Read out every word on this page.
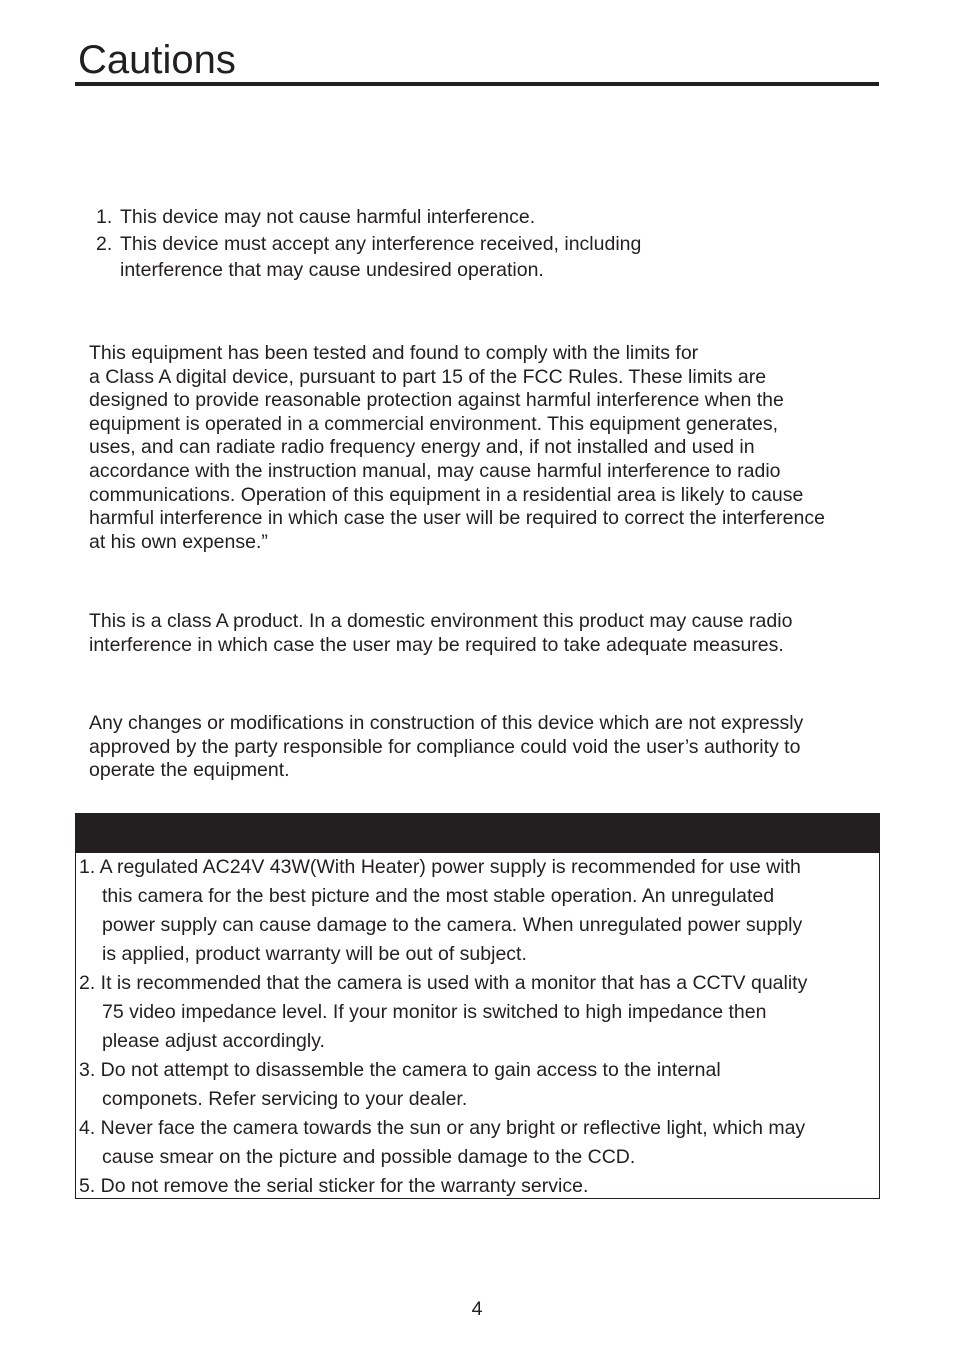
Cautions
1. This device may not cause harmful interference.
2. This device must accept any interference received, including
interference that may cause undesired operation.
This equipment has been tested and found to comply with the limits for
a Class A digital device, pursuant to part 15 of the FCC Rules. These limits are
designed to provide reasonable protection against harmful interference when the
equipment is operated in a commercial environment. This equipment generates,
uses, and can radiate radio frequency energy and, if not installed and used in
accordance with the instruction manual, may cause harmful interference to radio
communications. Operation of this equipment in a residential area is likely to cause
harmful interference in which case the user will be required to correct the interference
at his own expense.”
This is a class A product. In a domestic environment this product may cause radio
interference in which case the user may be required to take adequate measures.
Any changes or modifications in construction of this device which are not expressly
approved by the party responsible for compliance could void the user’s authority to
operate the equipment.
1. A regulated AC24V 43W(With Heater) power supply is recommended for use with
this camera for the best picture and the most stable operation. An unregulated
power supply can cause damage to the camera. When unregulated power supply
is applied, product warranty will be out of subject.
2. It is recommended that the camera is used with a monitor that has a CCTV quality
75 video impedance level. If your monitor is switched to high impedance then
please adjust accordingly.
3. Do not attempt to disassemble the camera to gain access to the internal
componets. Refer servicing to your dealer.
4. Never face the camera towards the sun or any bright or reflective light, which may
cause smear on the picture and possible damage to the CCD.
5. Do not remove the serial sticker for the warranty service.
4
